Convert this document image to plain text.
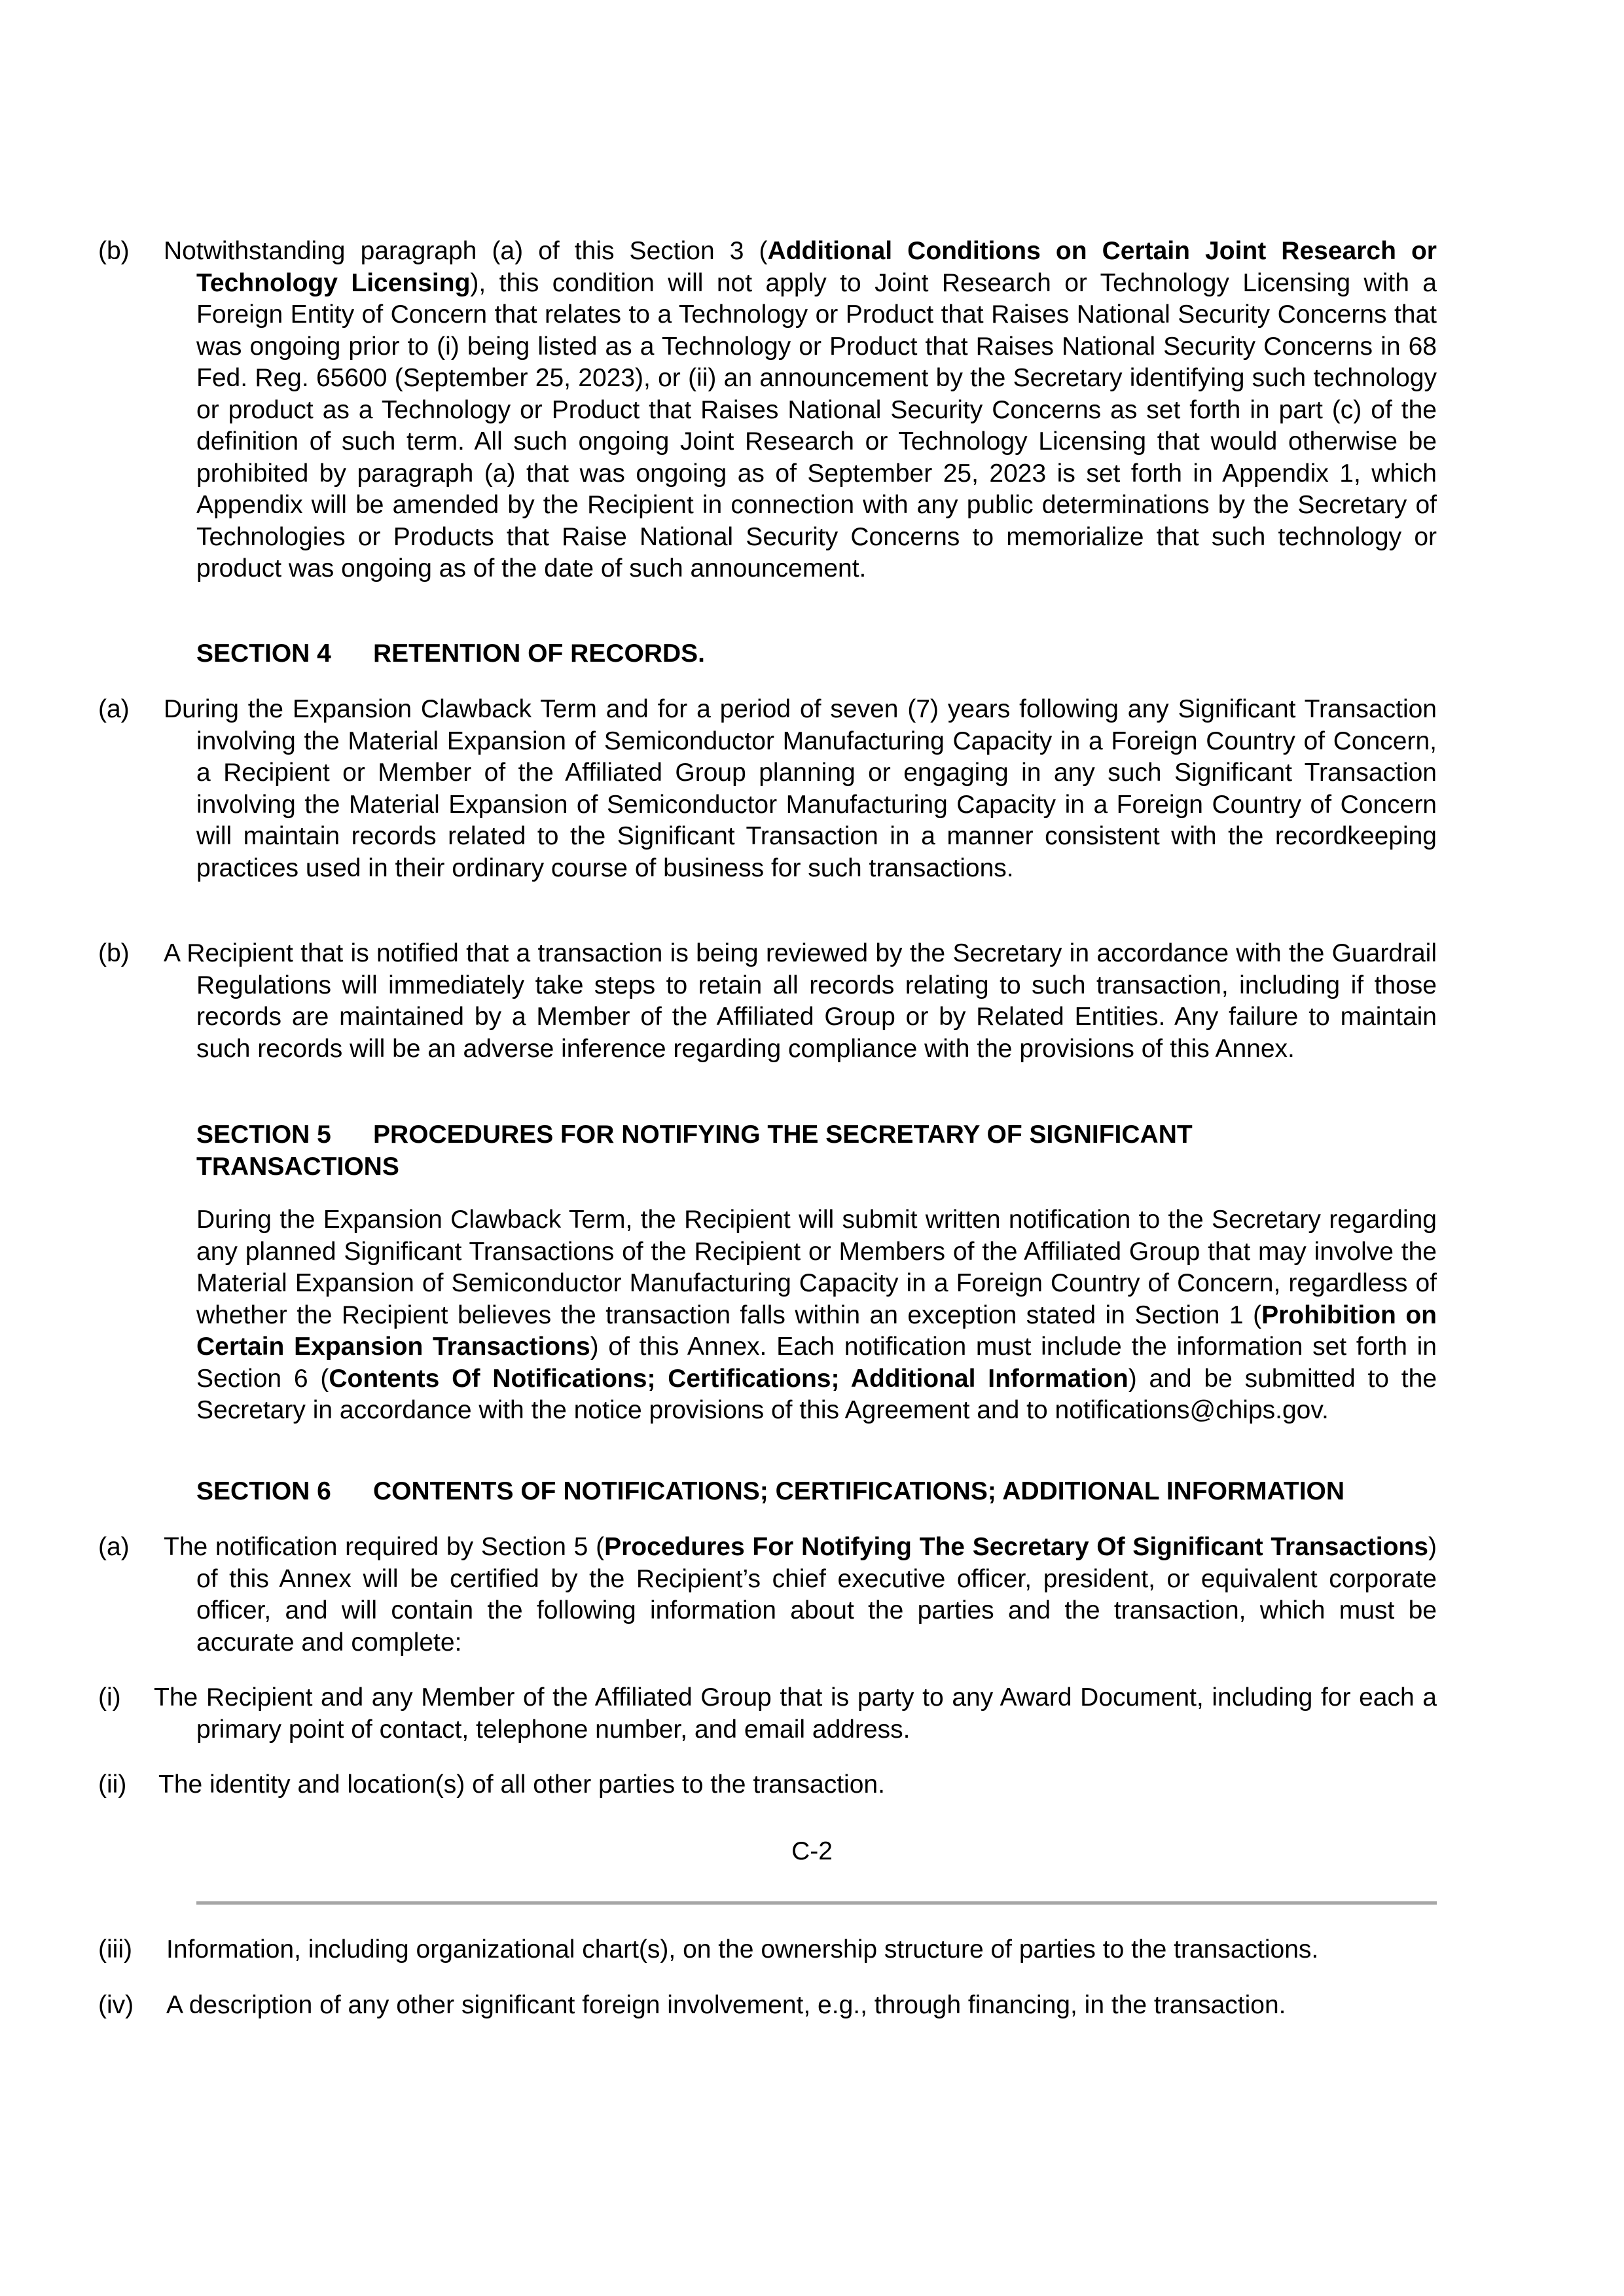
(b) Notwithstanding paragraph (a) of this Section 3 (Additional Conditions on Certain Joint Research or Technology Licensing), this condition will not apply to Joint Research or Technology Licensing with a Foreign Entity of Concern that relates to a Technology or Product that Raises National Security Concerns that was ongoing prior to (i) being listed as a Technology or Product that Raises National Security Concerns in 68 Fed. Reg. 65600 (September 25, 2023), or (ii) an announcement by the Secretary identifying such technology or product as a Technology or Product that Raises National Security Concerns as set forth in part (c) of the definition of such term. All such ongoing Joint Research or Technology Licensing that would otherwise be prohibited by paragraph (a) that was ongoing as of September 25, 2023 is set forth in Appendix 1, which Appendix will be amended by the Recipient in connection with any public determinations by the Secretary of Technologies or Products that Raise National Security Concerns to memorialize that such technology or product was ongoing as of the date of such announcement.

SECTION 4 RETENTION OF RECORDS.

(a) During the Expansion Clawback Term and for a period of seven (7) years following any Significant Transaction involving the Material Expansion of Semiconductor Manufacturing Capacity in a Foreign Country of Concern, a Recipient or Member of the Affiliated Group planning or engaging in any such Significant Transaction involving the Material Expansion of Semiconductor Manufacturing Capacity in a Foreign Country of Concern will maintain records related to the Significant Transaction in a manner consistent with the recordkeeping practices used in their ordinary course of business for such transactions.

(b) A Recipient that is notified that a transaction is being reviewed by the Secretary in accordance with the Guardrail Regulations will immediately take steps to retain all records relating to such transaction, including if those records are maintained by a Member of the Affiliated Group or by Related Entities. Any failure to maintain such records will be an adverse inference regarding compliance with the provisions of this Annex.

SECTION 5 PROCEDURES FOR NOTIFYING THE SECRETARY OF SIGNIFICANT
TRANSACTIONS

During the Expansion Clawback Term, the Recipient will submit written notification to the Secretary regarding any planned Significant Transactions of the Recipient or Members of the Affiliated Group that may involve the Material Expansion of Semiconductor Manufacturing Capacity in a Foreign Country of Concern, regardless of whether the Recipient believes the transaction falls within an exception stated in Section 1 (Prohibition on Certain Expansion Transactions) of this Annex. Each notification must include the information set forth in Section 6 (Contents Of Notifications; Certifications; Additional Information) and be submitted to the Secretary in accordance with the notice provisions of this Agreement and to notifications@chips.gov.

SECTION 6 CONTENTS OF NOTIFICATIONS; CERTIFICATIONS; ADDITIONAL INFORMATION

(a) The notification required by Section 5 (Procedures For Notifying The Secretary Of Significant Transactions) of this Annex will be certified by the Recipient’s chief executive officer, president, or equivalent corporate officer, and will contain the following information about the parties and the transaction, which must be accurate and complete:

(i) The Recipient and any Member of the Affiliated Group that is party to any Award Document, including for each a primary point of contact, telephone number, and email address.

(ii) The identity and location(s) of all other parties to the transaction.

C-2

(iii) Information, including organizational chart(s), on the ownership structure of parties to the transactions.

(iv) A description of any other significant foreign involvement, e.g., through financing, in the transaction.
